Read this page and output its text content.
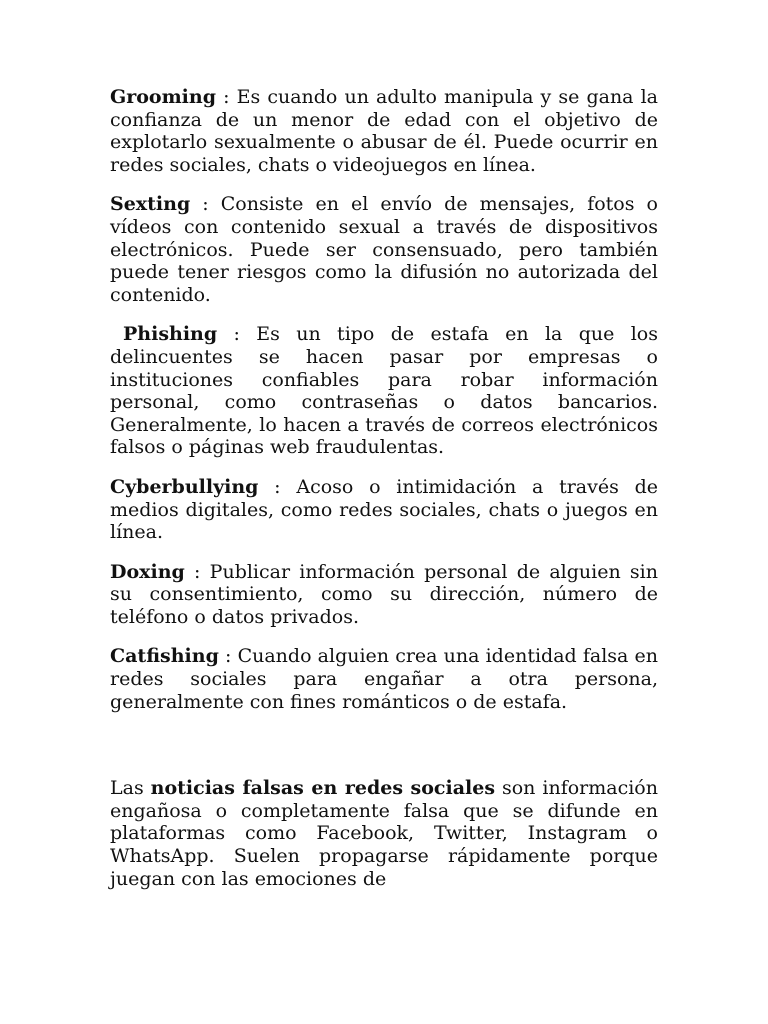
Grooming : Es cuando un adulto manipula y se gana la confianza de un menor de edad con el objetivo de explotarlo sexualmente o abusar de él. Puede ocurrir en redes sociales, chats o videojuegos en línea.

Sexting : Consiste en el envío de mensajes, fotos o vídeos con contenido sexual a través de dispositivos electrónicos. Puede ser consensuado, pero también puede tener riesgos como la difusión no autorizada del contenido.

Phishing : Es un tipo de estafa en la que los delincuentes se hacen pasar por empresas o instituciones confiables para robar información personal, como contraseñas o datos bancarios. Generalmente, lo hacen a través de correos electrónicos falsos o páginas web fraudulentas.

Cyberbullying : Acoso o intimidación a través de medios digitales, como redes sociales, chats o juegos en línea.

Doxing : Publicar información personal de alguien sin su consentimiento, como su dirección, número de teléfono o datos privados.

Catfishing : Cuando alguien crea una identidad falsa en redes sociales para engañar a otra persona, generalmente con fines románticos o de estafa.

Las noticias falsas en redes sociales son información engañosa o completamente falsa que se difunde en plataformas como Facebook, Twitter, Instagram o WhatsApp. Suelen propagarse rápidamente porque juegan con las emociones de
